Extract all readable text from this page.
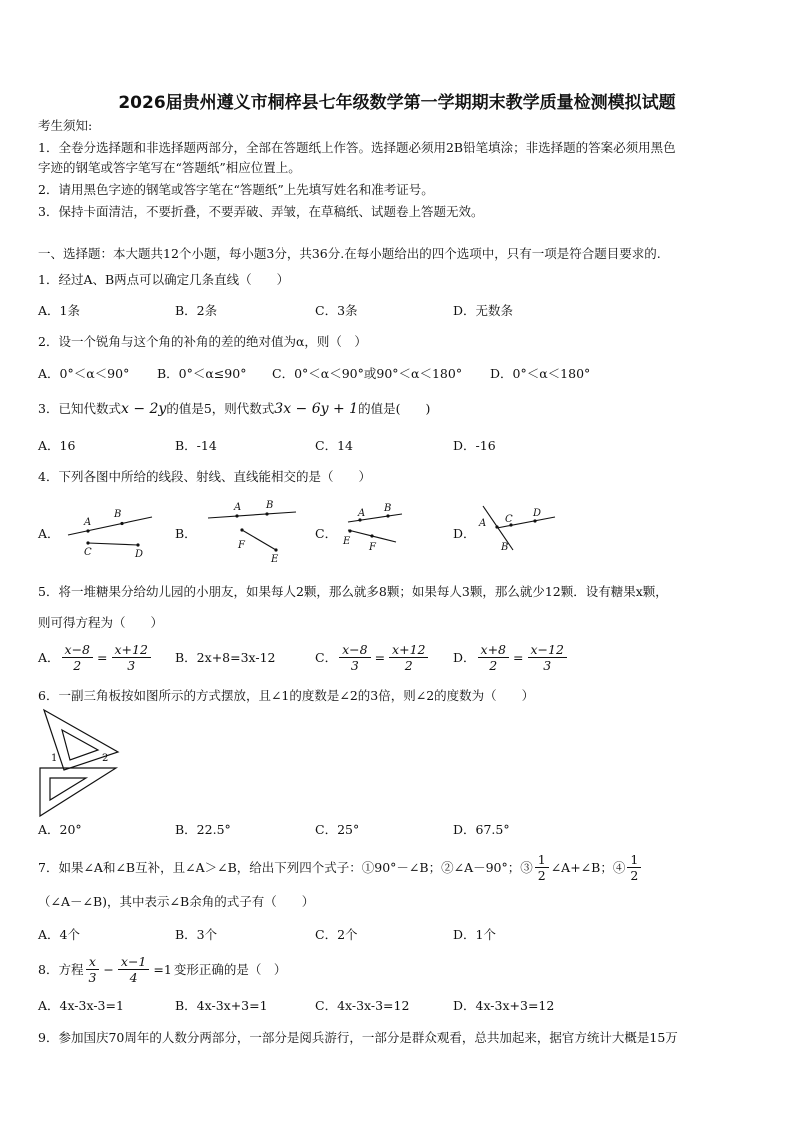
2026届贵州遵义市桐梓县七年级数学第一学期期末教学质量检测模拟试题
考生须知:
1．全卷分选择题和非选择题两部分，全部在答题纸上作答。选择题必须用2B铅笔填涂；非选择题的答案必须用黑色
字迹的钢笔或答字笔写在“答题纸”相应位置上。
2．请用黑色字迹的钢笔或答字笔在“答题纸”上先填写姓名和准考证号。
3．保持卡面清洁，不要折叠，不要弄破、弄皱，在草稿纸、试题卷上答题无效。
一、选择题：本大题共12个小题，每小题3分，共36分.在每小题给出的四个选项中，只有一项是符合题目要求的.
1．经过A、B两点可以确定几条直线（　　）
A．1条	B．2条	C．3条	D．无数条
2．设一个锐角与这个角的补角的差的绝对值为α，则（　）
A．0°＜α＜90° B．0°＜α≤90° C．0°＜α＜90°或90°＜α＜180° D．0°＜α＜180°
3．已知代数式x − 2y的值是5，则代数式3x − 6y + 1的值是(　　)
A．16	B．-14	C．14	D．-16
4．下列各图中所给的线段、射线、直线能相交的是（　　）
A．
A
B
C	D
B．
A B
F
E
C．
A B
E
F
D．
A C
D
B
5．将一堆糖果分给幼儿园的小朋友，如果每人2颗，那么就多8颗；如果每人3颗，那么就少12颗．设有糖果x颗，
则可得方程为（　　）
A． $\frac{x-8}{2} = \frac{x+12}{3}$ B．2x+8=3x-12	C． $\frac{x-8}{3} = \frac{x+12}{2}$ D． $\frac{x+8}{2} = \frac{x-12}{3}$
6．一副三角板按如图所示的方式摆放，且∠1的度数是∠2的3倍，则∠2的度数为（　　）
1	2
A．20°	B．22.5°	C．25°	D．67.5°
7．如果∠A和∠B互补，且∠A＞∠B，给出下列四个式子：①90°－∠B；②∠A－90°；③ $\frac{1}{2}$ ∠A+∠B；④ $\frac{1}{2}$
（∠A－∠B)，其中表示∠B余角的式子有（　　）
A．4个	B．3个	C．2个	D．1个
8．方程 $\frac{x}{3} - \frac{x-1}{4} =1$ 变形正确的是（　）
A．4x-3x-3=1	B．4x-3x+3=1	C．4x-3x-3=12	D．4x-3x+3=12
9．参加国庆70周年的人数分两部分，一部分是阅兵游行，一部分是群众观看，总共加起来，据官方统计大概是15万
